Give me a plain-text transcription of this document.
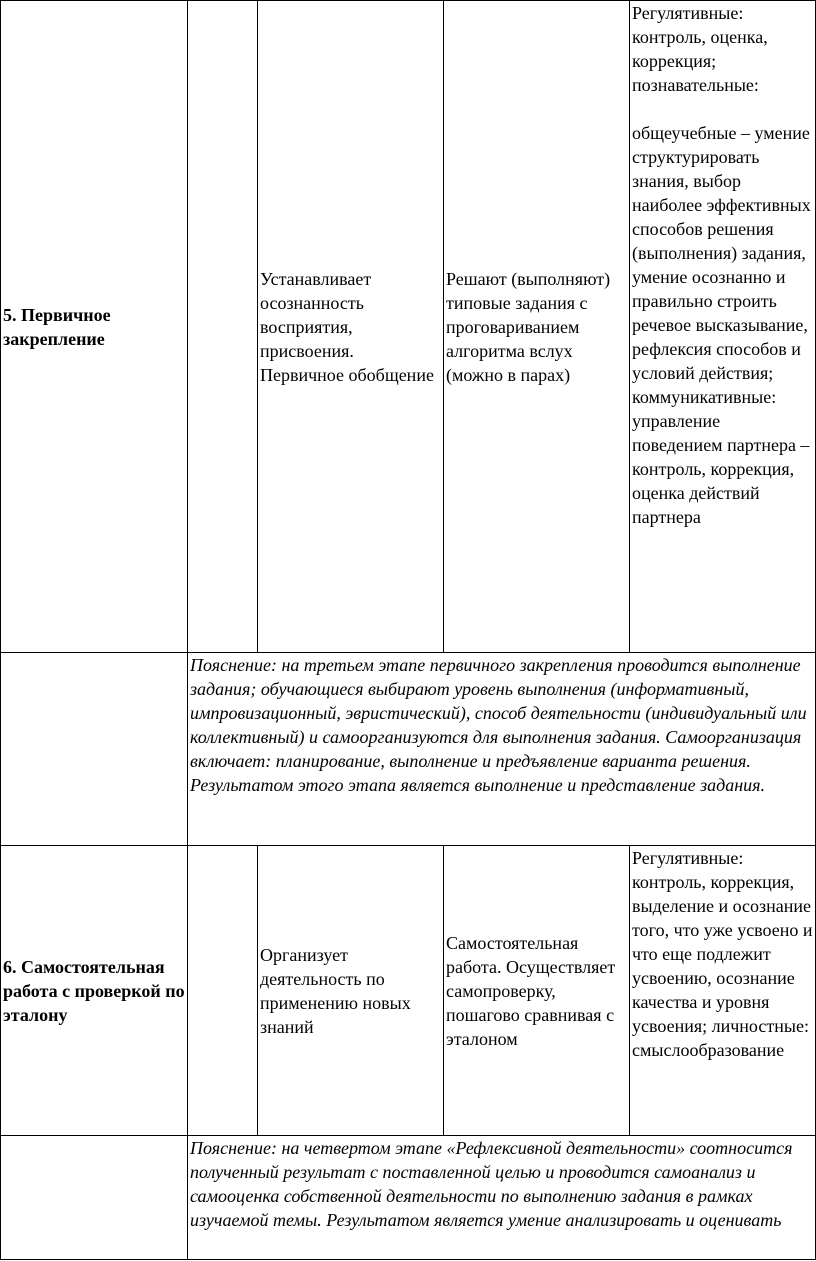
5. Первичное закрепление		Устанавливает осознанность восприятия, присвоения. Первичное обобщение	Решают (выполняют) типовые задания с проговариванием алгоритма вслух (можно в парах)	Регулятивные: контроль, оценка, коррекция; познавательные:
общеучебные – умение структурировать знания, выбор наиболее эффективных способов решения (выполнения) задания, умение осознанно и правильно строить речевое высказывание, рефлексия способов и условий действия; коммуникативные: управление поведением партнера – контроль, коррекция, оценка действий партнера

	Пояснение: на третьем этапе первичного закрепления проводится выполнение задания; обучающиеся выбирают уровень выполнения (информативный, импровизационный, эвристический), способ деятельности (индивидуальный или коллективный) и самоорганизуются для выполнения задания. Самоорганизация включает: планирование, выполнение и предъявление варианта решения. Результатом этого этапа является выполнение и представление задания.			
6. Самостоятельная работа с проверкой по эталону		Организует деятельность по применению новых знаний	Самостоятельная работа. Осуществляет самопроверку, пошагово сравнивая с эталоном	Регулятивные: контроль, коррекция, выделение и осознание того, что уже усвоено и что еще подлежит усвоению, осознание качества и уровня усвоения; личностные: смыслообразование
	Пояснение: на четвертом этапе «Рефлексивной деятельности» соотносится полученный результат с поставленной целью и проводится самоанализ и самооценка собственной деятельности по выполнению задания в рамках изучаемой темы. Результатом является умение анализировать и оценивать			
